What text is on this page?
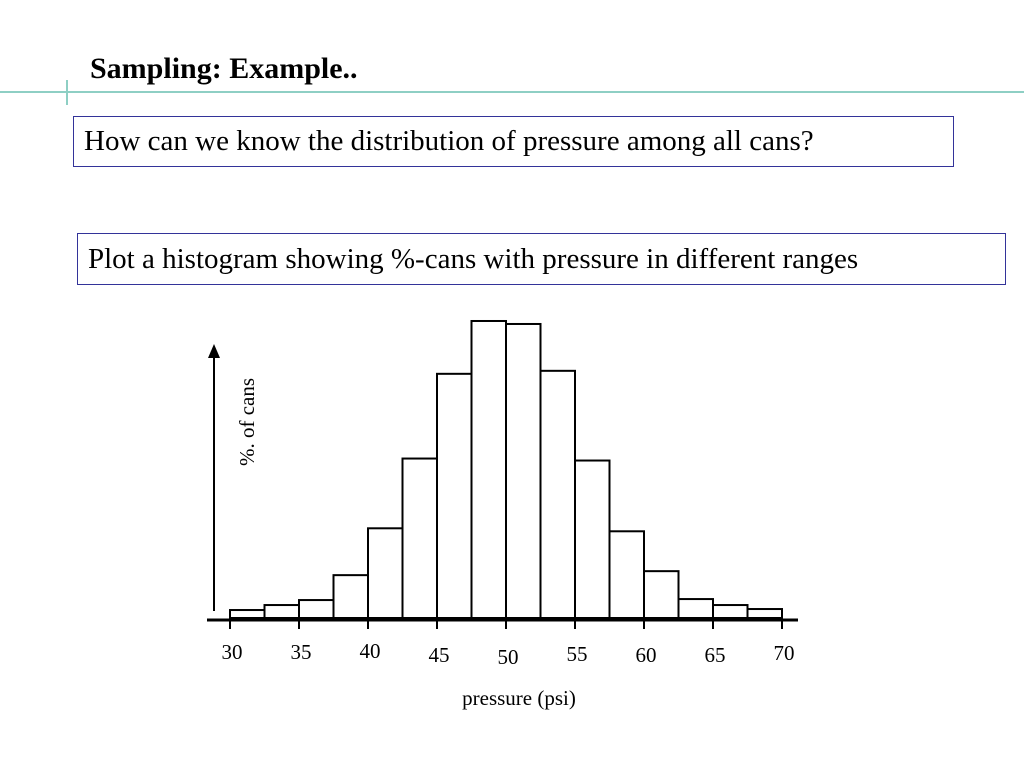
Sampling: Example..
How can we know the distribution of pressure among all cans?
Plot a histogram showing %-cans with pressure in different ranges
30 35 40 45 50 55 60 65 70
pressure (psi)
%. of cans
